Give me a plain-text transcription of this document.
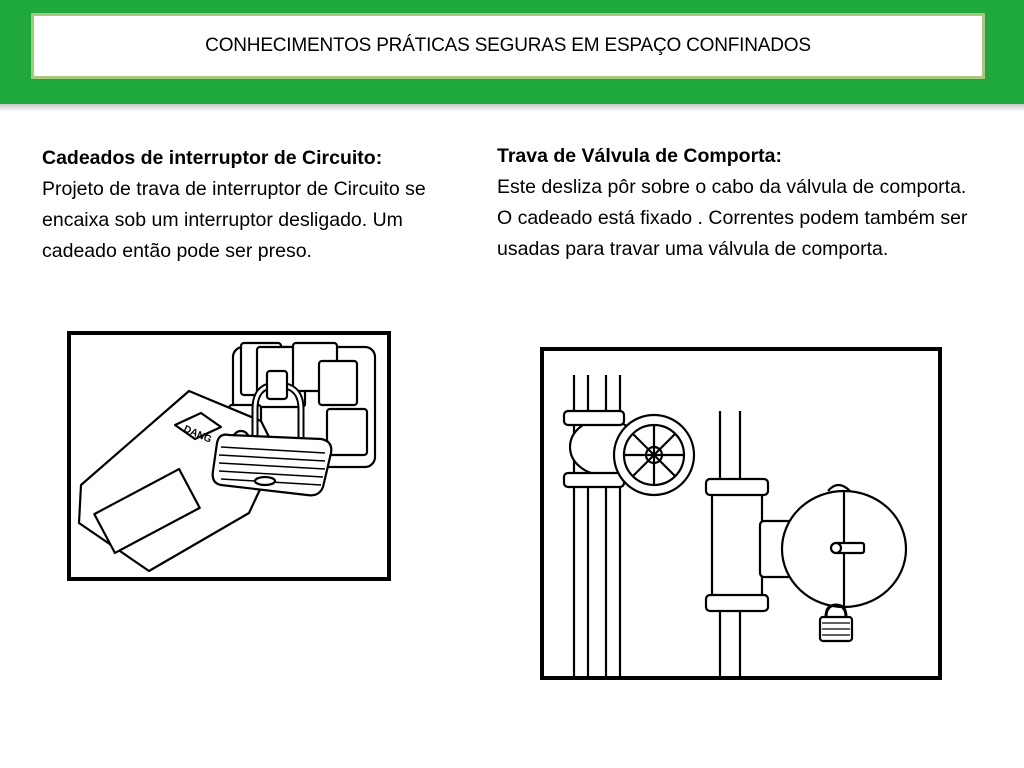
CONHECIMENTOS PRÁTICAS SEGURAS EM ESPAÇO CONFINADOS
Cadeados de interruptor de Circuito:
Projeto de trava de interruptor de Circuito se encaixa sob um interruptor desligado. Um cadeado então pode ser preso.
Trava de Válvula de Comporta:
Este desliza pôr sobre o cabo da válvula de comporta. O cadeado está fixado . Correntes podem também ser usadas para travar uma válvula de comporta.
DANG
